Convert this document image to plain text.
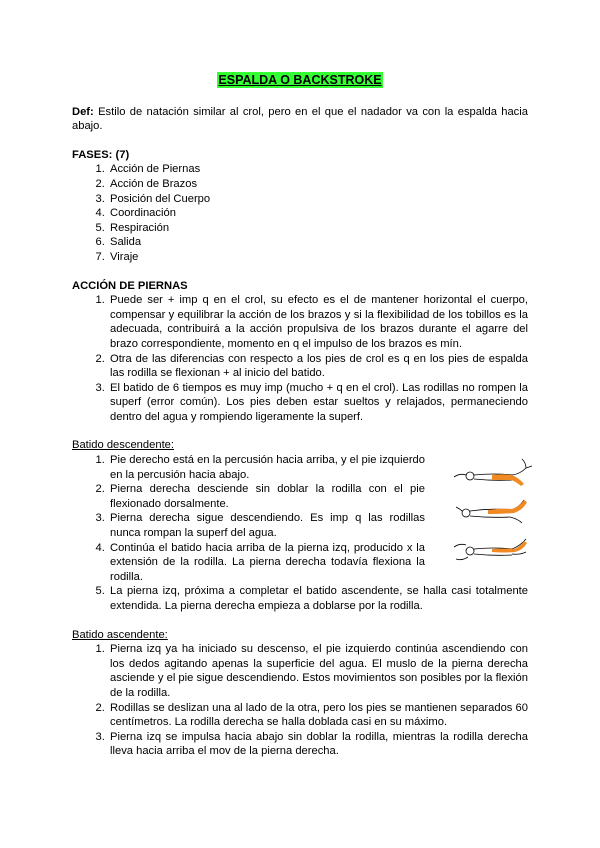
ESPALDA O BACKSTROKE

Def: Estilo de natación similar al crol, pero en el que el nadador va con la espalda hacia abajo.

FASES: (7)

1. Acción de Piernas
2. Acción de Brazos
3. Posición del Cuerpo
4. Coordinación
5. Respiración
6. Salida
7. Viraje

ACCIÓN DE PIERNAS

1. Puede ser + imp q en el crol, su efecto es el de mantener horizontal el cuerpo, compensar y equilibrar la acción de los brazos y si la flexibilidad de los tobillos es la adecuada, contribuirá a la acción propulsiva de los brazos durante el agarre del brazo correspondiente, momento en q el impulso de los brazos es mín.
2. Otra de las diferencias con respecto a los pies de crol es q en los pies de espalda las rodilla se flexionan + al inicio del batido.
3. El batido de 6 tiempos es muy imp (mucho + q en el crol). Las rodillas no rompen la superf (error común). Los pies deben estar sueltos y relajados, permaneciendo dentro del agua y rompiendo ligeramente la superf.

Batido descendente:

1. Pie derecho está en la percusión hacia arriba, y el pie izquierdo en la percusión hacia abajo.
2. Pierna derecha desciende sin doblar la rodilla con el pie flexionado dorsalmente.
3. Pierna derecha sigue descendiendo. Es imp q las rodillas nunca rompan la superf del agua.
4. Continúa el batido hacia arriba de la pierna izq, producido x la extensión de la rodilla. La pierna derecha todavía flexiona la rodilla.
5. La pierna izq, próxima a completar el batido ascendente, se halla casi totalmente extendida. La pierna derecha empieza a doblarse por la rodilla.

Batido ascendente:

1. Pierna izq ya ha iniciado su descenso, el pie izquierdo continúa ascendiendo con los dedos agitando apenas la superficie del agua. El muslo de la pierna derecha asciende y el pie sigue descendiendo. Estos movimientos son posibles por la flexión de la rodilla.
2. Rodillas se deslizan una al lado de la otra, pero los pies se mantienen separados 60 centímetros. La rodilla derecha se halla doblada casi en su máximo.
3. Pierna izq se impulsa hacia abajo sin doblar la rodilla, mientras la rodilla derecha lleva hacia arriba el mov de la pierna derecha.
